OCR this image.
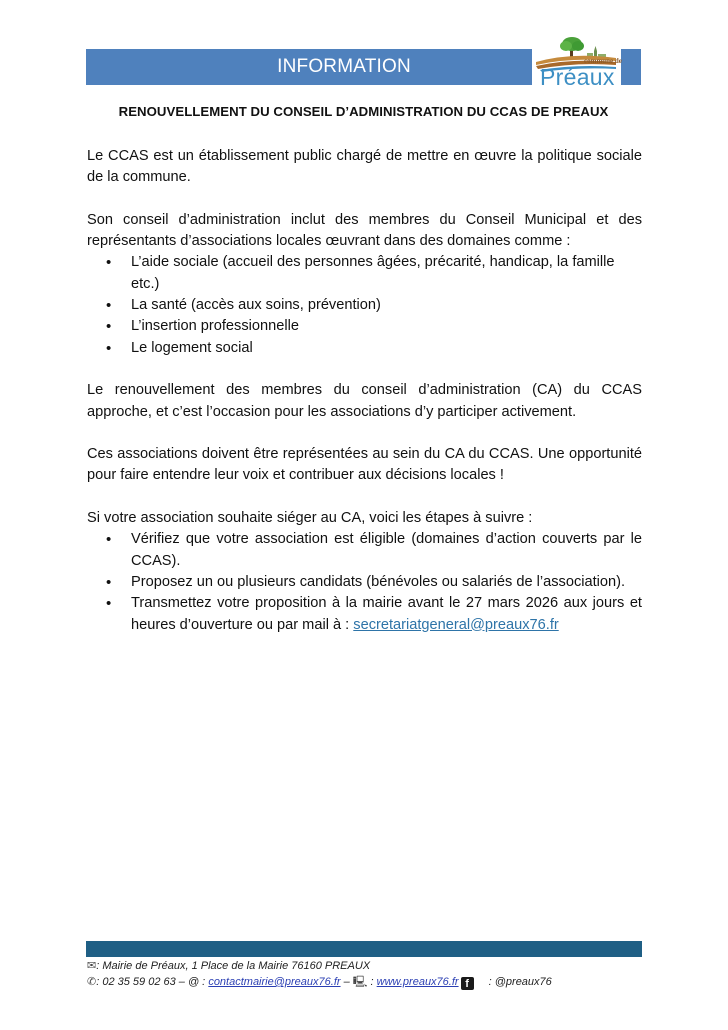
INFORMATION	commune de
Préaux
RENOUVELLEMENT DU CONSEIL D’ADMINISTRATION DU CCAS DE PREAUX

Le CCAS est un établissement public chargé de mettre en œuvre la politique sociale de la commune.

Son conseil d’administration inclut des membres du Conseil Municipal et des représentants d’associations locales œuvrant dans des domaines comme :

• L’aide sociale (accueil des personnes âgées, précarité, handicap, la famille etc.)
• La santé (accès aux soins, prévention)
• L’insertion professionnelle
• Le logement social

Le renouvellement des membres du conseil d’administration (CA) du CCAS approche, et c’est l’occasion pour les associations d’y participer activement.

Ces associations doivent être représentées au sein du CA du CCAS. Une opportunité pour faire entendre leur voix et contribuer aux décisions locales !

Si votre association souhaite siéger au CA, voici les étapes à suivre :

• Vérifiez que votre association est éligible (domaines d’action couverts par le CCAS).
• Proposez un ou plusieurs candidats (bénévoles ou salariés de l’association).
• Transmettez votre proposition à la mairie avant le 27 mars 2026 aux jours et heures d’ouverture ou par mail à : secretariatgeneral@preaux76.fr
✉: Mairie de Préaux, 1 Place de la Mairie 76160 PREAUX
✆: 02 35 59 02 63 – @ : contactmairie@preaux76.fr – 🖳 : www.preaux76.fr f : @preaux76
